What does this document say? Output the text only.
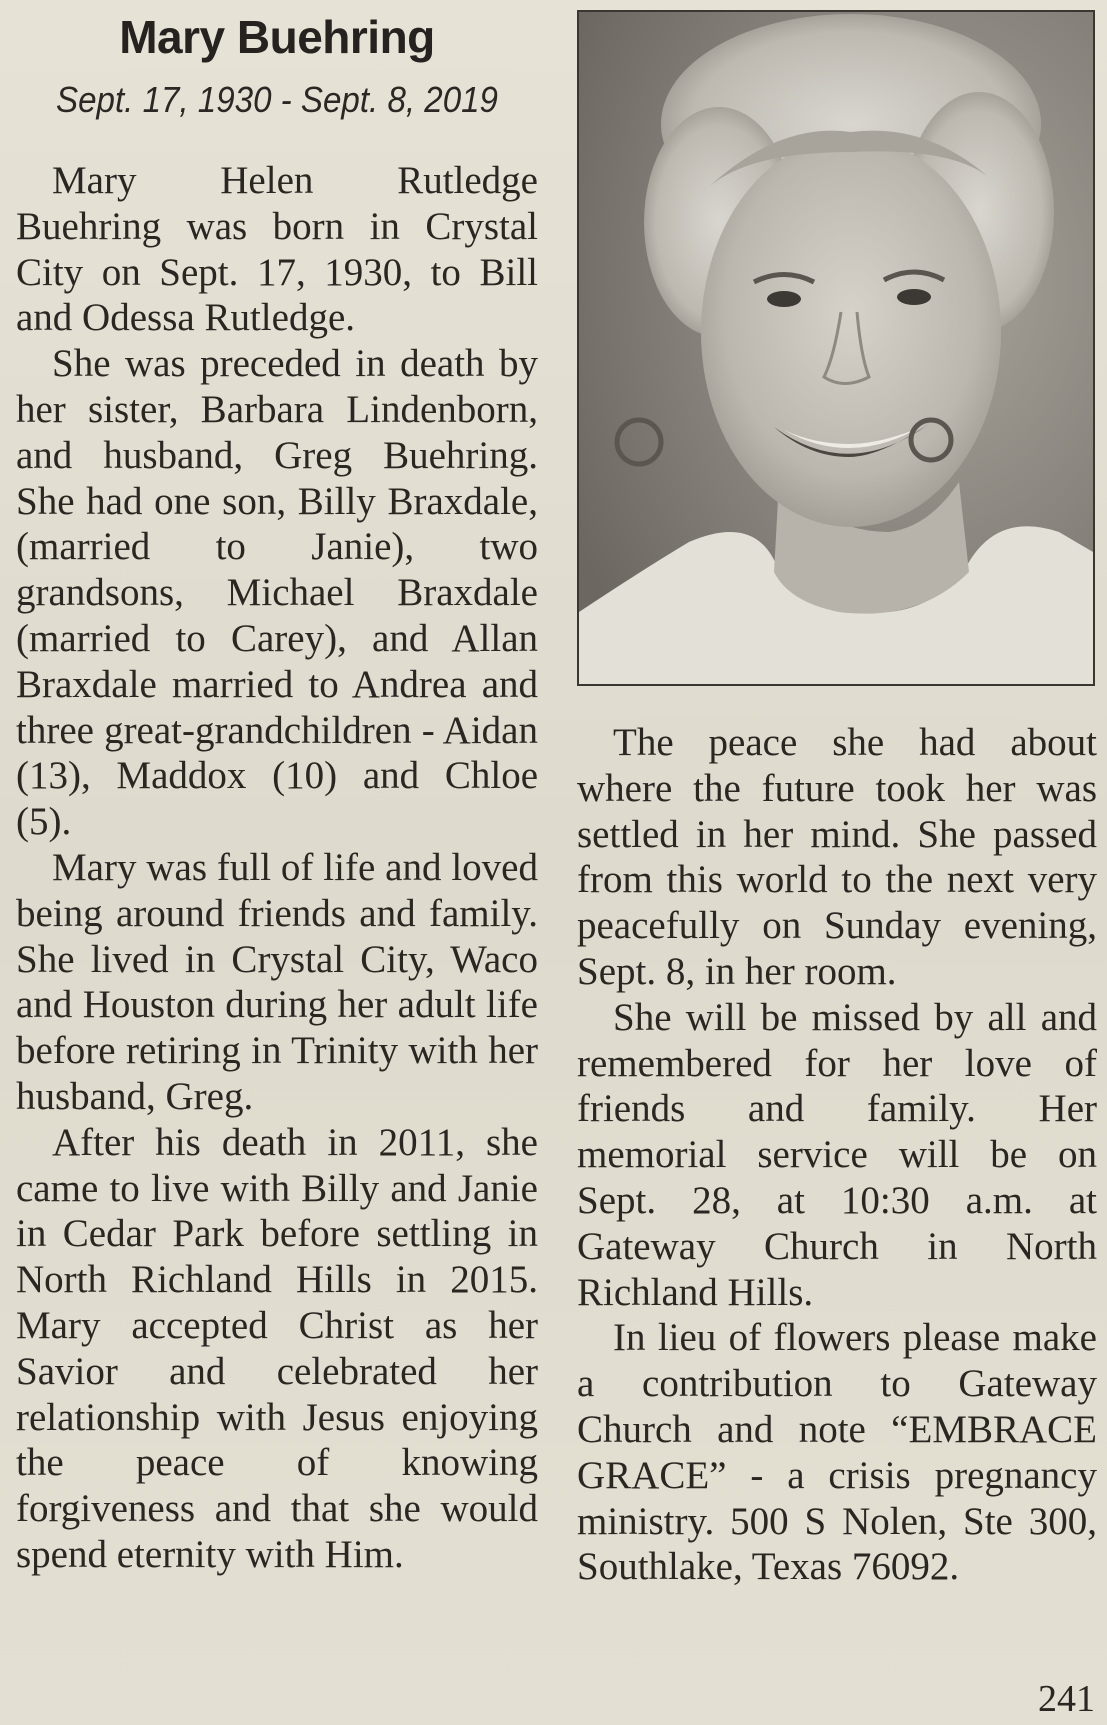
Mary Buehring
Sept. 17, 1930 - Sept. 8, 2019

Mary Helen Rutledge Buehring was born in Crystal City on Sept. 17, 1930, to Bill and Odessa Rutledge.

She was preceded in death by her sister, Barbara Lindenborn, and husband, Greg Buehring. She had one son, Billy Braxdale, (married to Janie), two grandsons, Michael Braxdale (married to Carey), and Allan Braxdale married to Andrea and three great-grandchildren - Aidan (13), Maddox (10) and Chloe (5).

Mary was full of life and loved being around friends and family. She lived in Crystal City, Waco and Houston during her adult life before retiring in Trinity with her husband, Greg.

After his death in 2011, she came to live with Billy and Janie in Cedar Park before settling in North Richland Hills in 2015. Mary accepted Christ as her Savior and celebrated her relationship with Jesus enjoying the peace of knowing forgiveness and that she would spend eternity with Him.

The peace she had about where the future took her was settled in her mind. She passed from this world to the next very peacefully on Sunday evening, Sept. 8, in her room.

She will be missed by all and remembered for her love of friends and family. Her memorial service will be on Sept. 28, at 10:30 a.m. at Gateway Church in North Richland Hills.

In lieu of flowers please make a contribution to Gateway Church and note “EMBRACE GRACE” - a crisis pregnancy ministry. 500 S Nolen, Ste 300, Southlake, Texas 76092.

241
